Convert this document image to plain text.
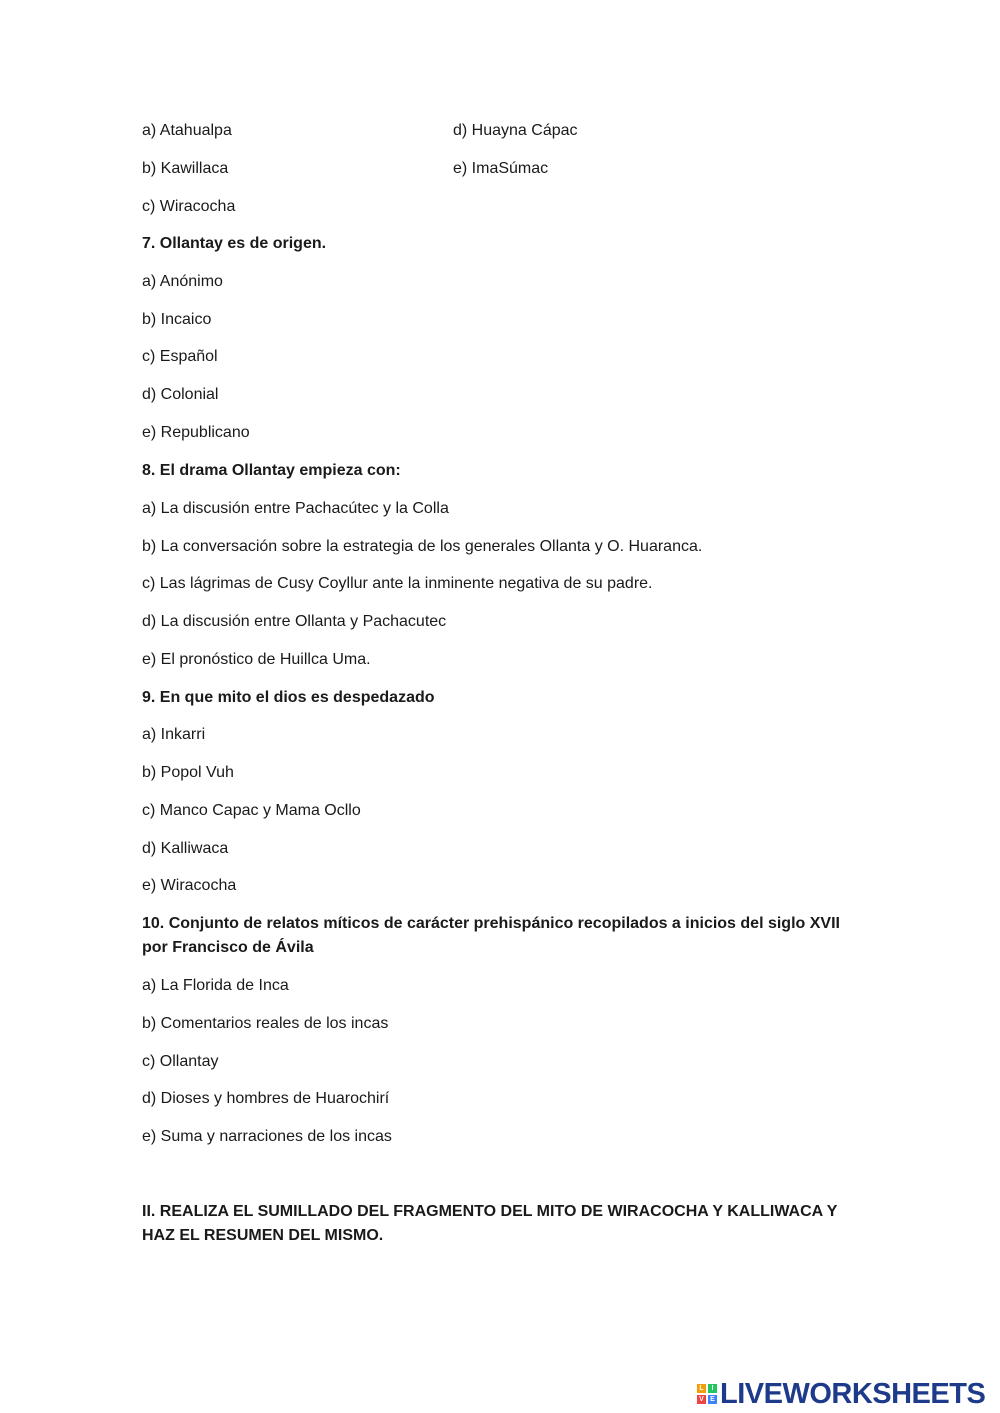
a) Atahualpa	d) Huayna Cápac
b) Kawillaca	e) ImaSúmac
c) Wiracocha
7. Ollantay es de origen.
a) Anónimo
b) Incaico
c) Español
d) Colonial
e) Republicano
8. El drama Ollantay empieza con:
a) La discusión entre Pachacútec y la Colla
b) La conversación sobre la estrategia de los generales Ollanta y O. Huaranca.
c) Las lágrimas de Cusy Coyllur ante la inminente negativa de su padre.
d) La discusión entre Ollanta y Pachacutec
e) El pronóstico de Huillca Uma.
9. En que mito el dios es despedazado
a) Inkarri
b) Popol Vuh
c) Manco Capac y Mama Ocllo
d) Kalliwaca
e) Wiracocha
10. Conjunto de relatos míticos de carácter prehispánico recopilados a inicios del siglo XVII por Francisco de Ávila
a) La Florida de Inca
b) Comentarios reales de los incas
c) Ollantay
d) Dioses y hombres de Huarochirí
e) Suma y narraciones de los incas
II. REALIZA EL SUMILLADO DEL FRAGMENTO DEL MITO DE WIRACOCHA Y KALLIWACA Y HAZ EL RESUMEN DEL MISMO.
L	I
V E LIVEWORKSHEETS
